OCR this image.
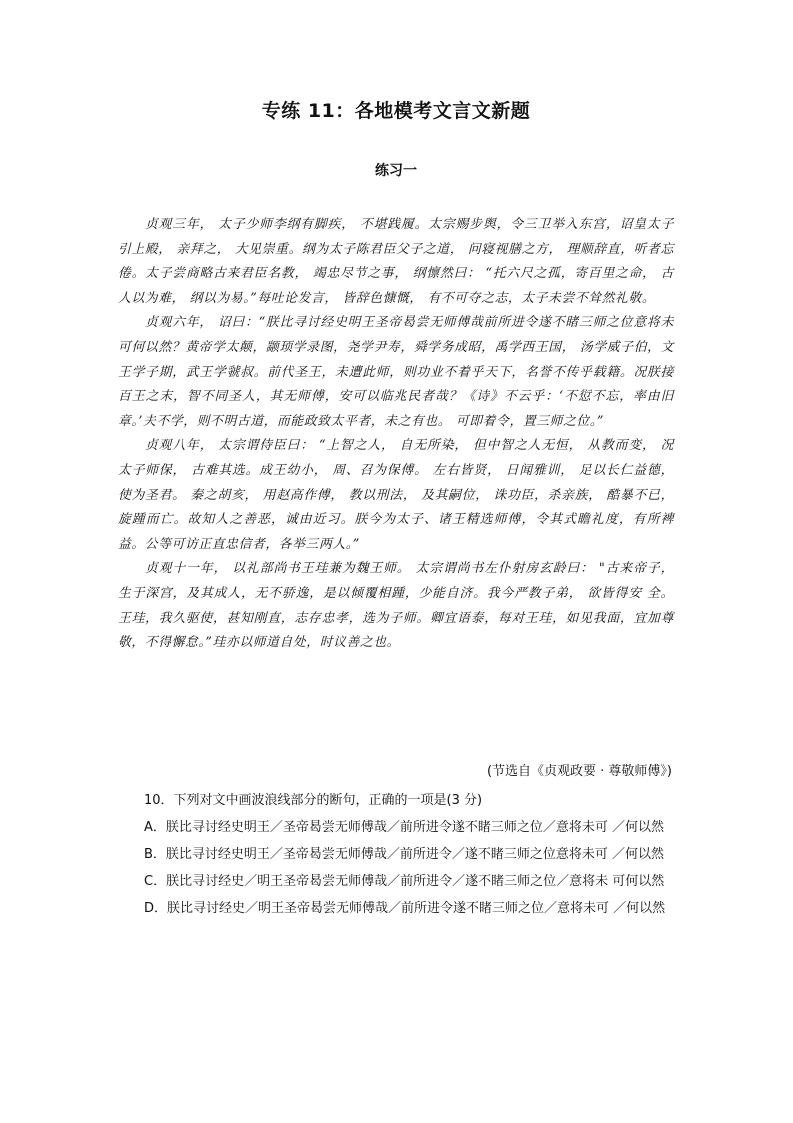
专练 11：各地模考文言文新题
练习一

贞观三年， 太子少师李纲有脚疾， 不堪践履。太宗赐步舆，令三卫举入东宫，诏皇太子引上殿， 亲拜之， 大见崇重。纲为太子陈君臣父子之道， 问寝视膳之方， 理顺辞直，听者忘倦。太子尝商略古来君臣名教， 竭忠尽节之事， 纲懔然曰： “托六尺之孤，寄百里之命， 古人以为难， 纲以为易。”每吐论发言， 皆辞色慷慨， 有不可夺之志，太子未尝不耸然礼敬。

贞观六年， 诏曰：“朕比寻讨经史明王圣帝曷尝无师傅哉前所进令遂不睹三师之位意将未可何以然？黄帝学太颠，颛顼学录图，尧学尹寿，舜学务成昭，禹学西王国， 汤学威子伯，文王学子期，武王学虢叔。前代圣王，未遭此师，则功业不着乎天下，名誉不传乎载籍。况朕接百王之末，智不同圣人，其无师傅，安可以临兆民者哉？《诗》不云乎：‘不愆不忘，率由旧章。’夫不学，则不明古道，而能政致太平者，未之有也。 可即着令，置三师之位。”

贞观八年， 太宗谓侍臣曰： “上智之人， 自无所染， 但中智之人无恒， 从教而变， 况太子师保， 古难其选。成王幼小， 周、召为保傅。 左右皆贤， 日闻雅训， 足以长仁益德，使为圣君。 秦之胡亥， 用赵高作傅， 教以刑法， 及其嗣位， 诛功臣，杀亲族， 酷暴不已，旋踵而亡。故知人之善恶，诚由近习。朕今为太子、诸王精选师傅，令其式瞻礼度，有所裨益。公等可访正直忠信者，各举三两人。”

贞观十一年， 以礼部尚书王珪兼为魏王师。 太宗谓尚书左仆射房玄龄曰： "古来帝子，生于深宫，及其成人，无不骄逸，是以倾覆相踵，少能自济。我今严教子弟， 欲皆得安 全。王珪，我久驱使，甚知刚直，志存忠孝，选为子师。卿宜语泰，每对王珪，如见我面，宜加尊敬，不得懈怠。”珪亦以师道自处，时议善之也。

(节选自《贞观政要 · 尊敬师傅》)

10．下列对文中画波浪线部分的断句，正确的一项是(3 分)

A．朕比寻讨经史明王／圣帝曷尝无师傅哉／前所进令遂不睹三师之位／意将未可 ／何以然

B．朕比寻讨经史明王／圣帝曷尝无师傅哉／前所进令／遂不睹三师之位意将未可 ／何以然

C．朕比寻讨经史／明王圣帝曷尝无师傅哉／前所进令／遂不睹三师之位／意将未 可何以然

D．朕比寻讨经史／明王圣帝曷尝无师傅哉／前所进令遂不睹三师之位／意将未可 ／何以然
